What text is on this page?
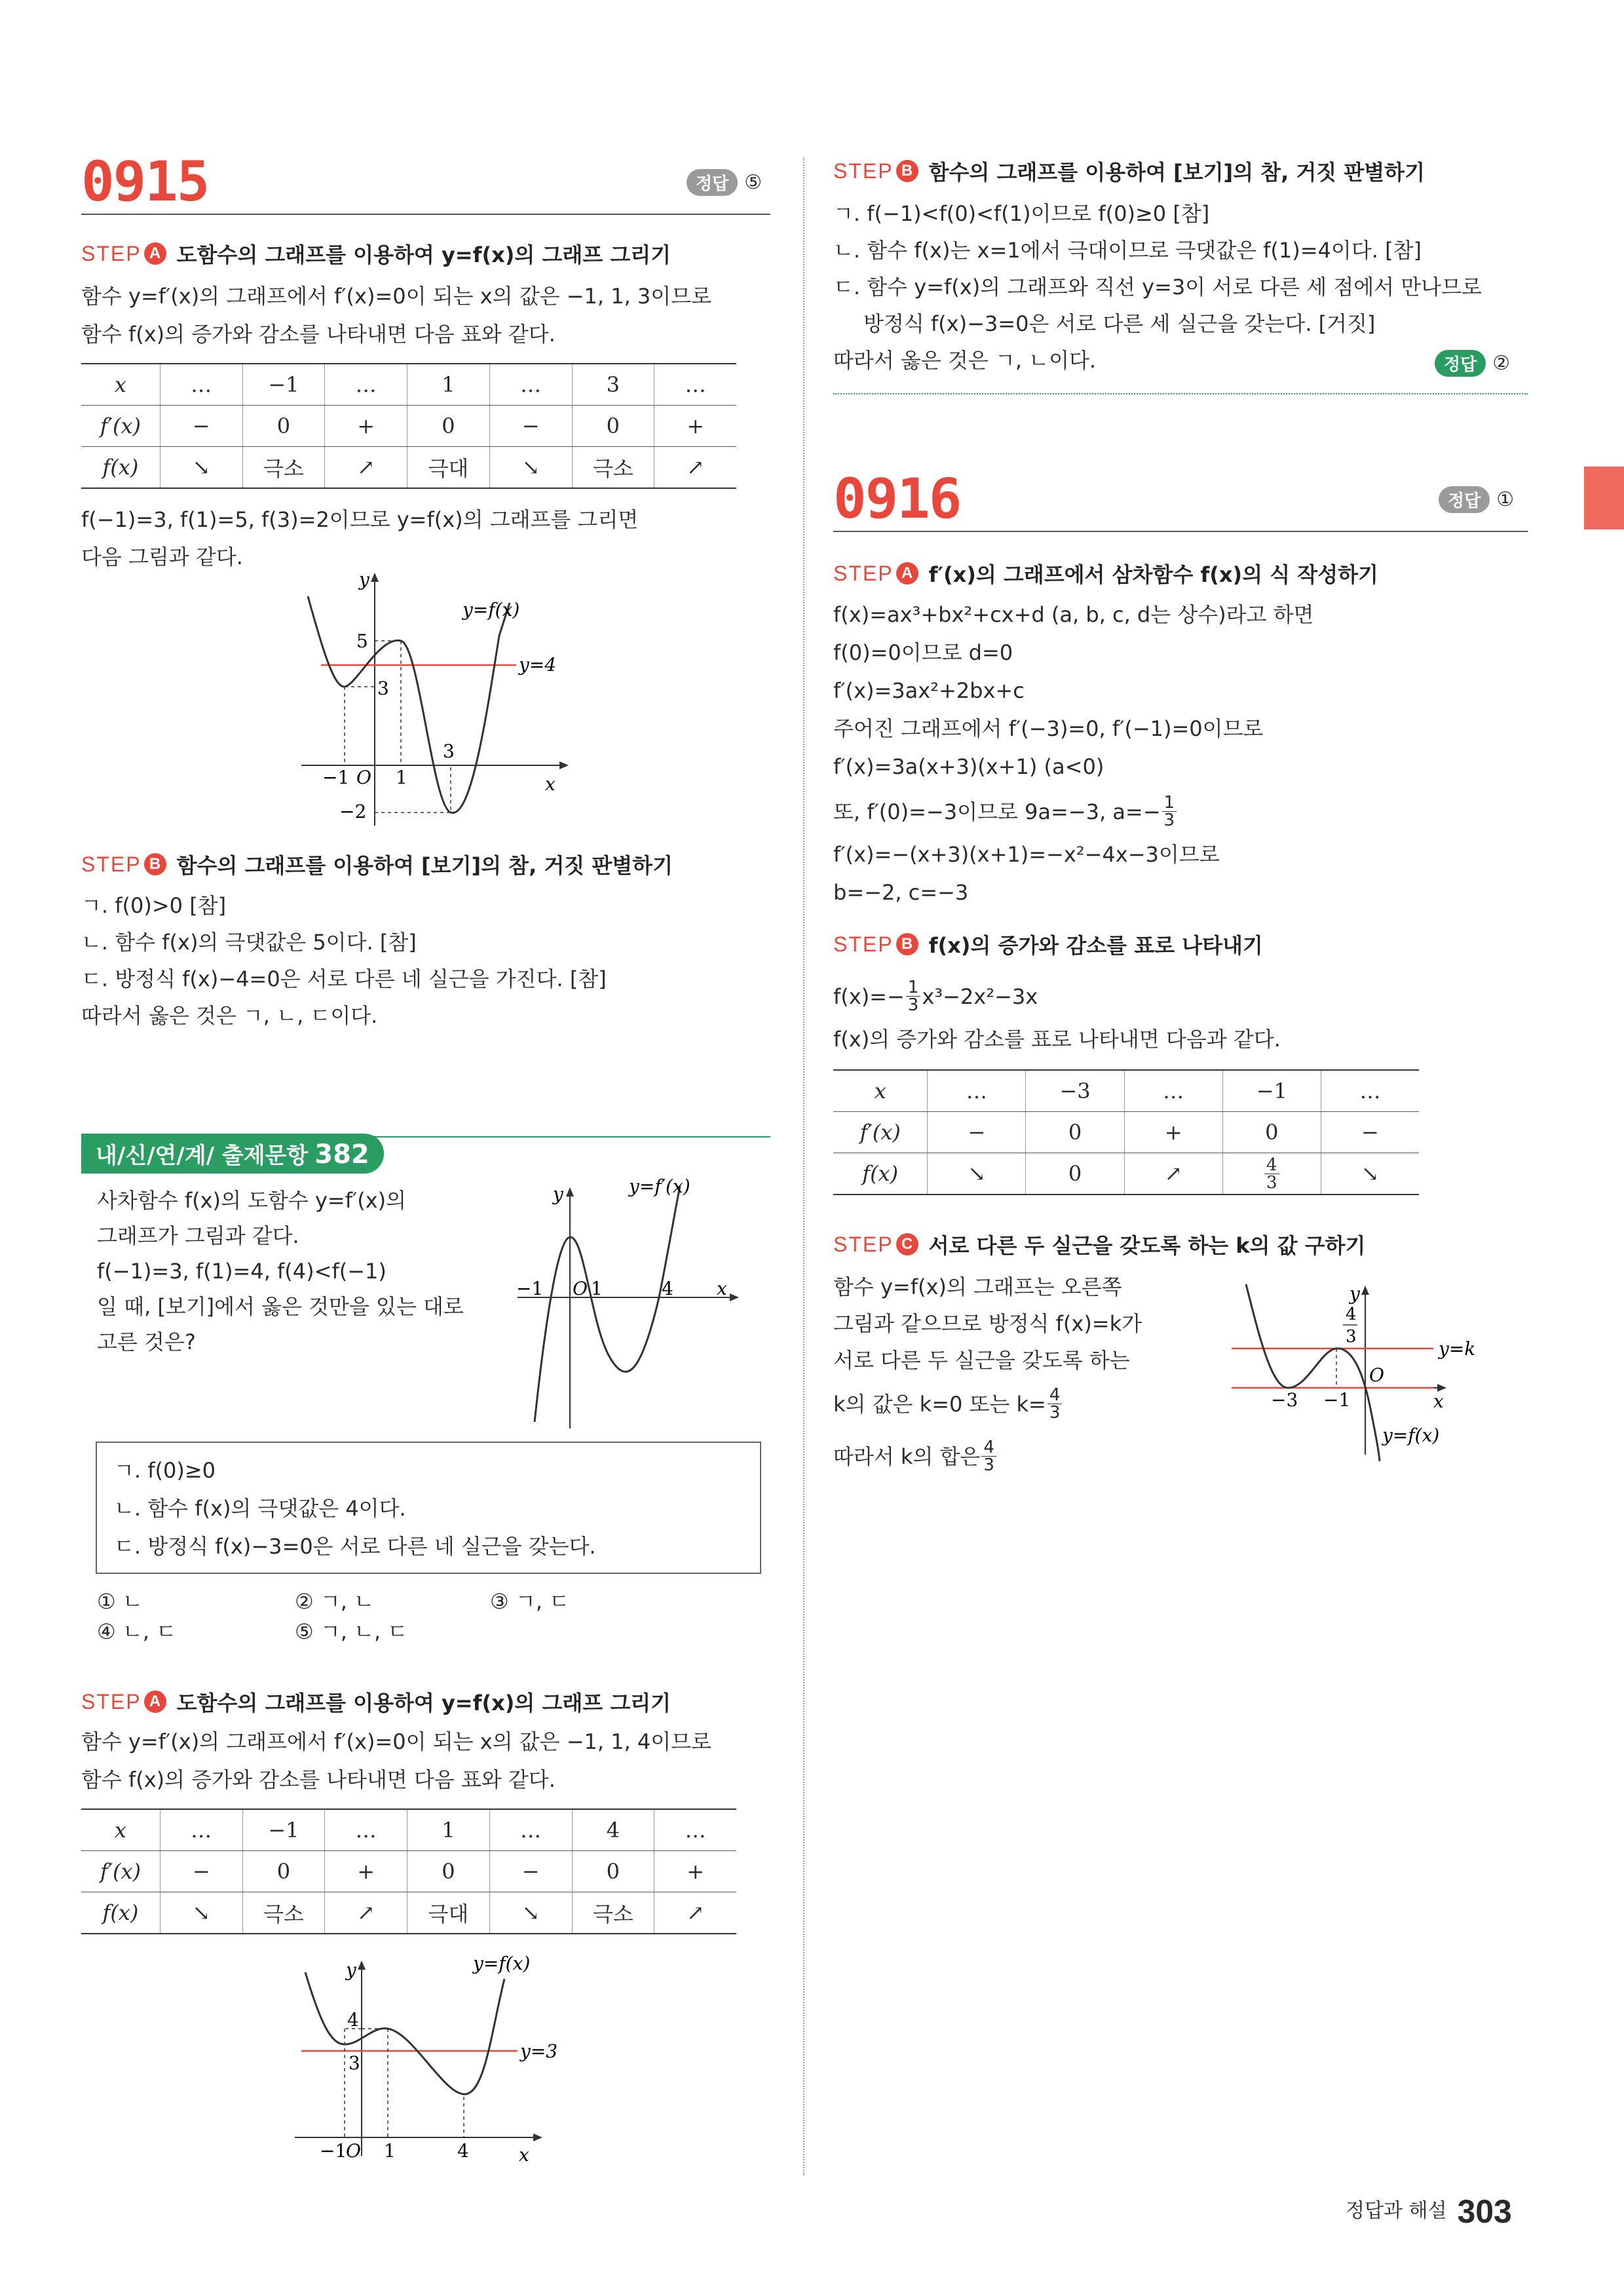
0915	정답 ⑤
STEP A 도함수의 그래프를 이용하여 y=f(x)의 그래프 그리기
함수 y=f′(x)의 그래프에서 f′(x)=0이 되는 x의 값은 −1, 1, 3이므로
함수 f(x)의 증가와 감소를 나타내면 다음 표와 같다.
x	…	−1	…	1	…	3	…
f′(x)	−	0	+	0	−	0	+
f(x)	↘	극소	↗	극대	↘	극소	↗
f(−1)=3, f(1)=5, f(3)=2이므로 y=f(x)의 그래프를 그리면
다음 그림과 같다.
y
x
y=f(x)
y=4
5
3
−2
−1 O 1
3
STEP B 함수의 그래프를 이용하여 [보기]의 참, 거짓 판별하기
ㄱ. f(0)>0 [참]
ㄴ. 함수 f(x)의 극댓값은 5이다. [참]
ㄷ. 방정식 f(x)−4=0은 서로 다른 네 실근을 가진다. [참]
따라서 옳은 것은 ㄱ, ㄴ, ㄷ이다.
내/신/연/계/ 출제문항 382
사차함수 f(x)의 도함수 y=f′(x)의
그래프가 그림과 같다.
f(−1)=3, f(1)=4, f(4)<f(−1)
일 때, [보기]에서 옳은 것만을 있는 대로
고른 것은?
y
x
y=f′(x)
−1 O 1	4
ㄱ. f(0)≥0
ㄴ. 함수 f(x)의 극댓값은 4이다.
ㄷ. 방정식 f(x)−3=0은 서로 다른 네 실근을 갖는다.
① ㄴ	② ㄱ, ㄴ	③ ㄱ, ㄷ
④ ㄴ, ㄷ	⑤ ㄱ, ㄴ, ㄷ
STEP A 도함수의 그래프를 이용하여 y=f(x)의 그래프 그리기
함수 y=f′(x)의 그래프에서 f′(x)=0이 되는 x의 값은 −1, 1, 4이므로
함수 f(x)의 증가와 감소를 나타내면 다음 표와 같다.
x	…	−1	…	1	…	4	…
f′(x)	−	0	+	0	−	0	+
f(x)	↘	극소	↗	극대	↘	극소	↗
y
x
y=f(x)
y=3
4
3
−1
O 1	4
STEP B 함수의 그래프를 이용하여 [보기]의 참, 거짓 판별하기
ㄱ. f(−1)<f(0)<f(1)이므로 f(0)≥0 [참]
ㄴ. 함수 f(x)는 x=1에서 극대이므로 극댓값은 f(1)=4이다. [참]
ㄷ. 함수 y=f(x)의 그래프와 직선 y=3이 서로 다른 세 점에서 만나므로
방정식 f(x)−3=0은 서로 다른 세 실근을 갖는다. [거짓]
따라서 옳은 것은 ㄱ, ㄴ이다.	정답 ②
0916	정답 ①
STEP A f′(x)의 그래프에서 삼차함수 f(x)의 식 작성하기
f(x)=ax³+bx²+cx+d (a, b, c, d는 상수)라고 하면
f(0)=0이므로 d=0
f′(x)=3ax²+2bx+c
주어진 그래프에서 f′(−3)=0, f′(−1)=0이므로
f′(x)=3a(x+3)(x+1) (a<0)
또, f′(0)=−3이므로 9a=−3, $a=- \frac{1}{3}$
f′(x)=−(x+3)(x+1)=−x²−4x−3이므로
b=−2, c=−3
STEP B f(x)의 증가와 감소를 표로 나타내기
$f(x)=- \frac{1}{3} x^3-2x^2-3x$
f(x)의 증가와 감소를 표로 나타내면 다음과 같다.
x	…	−3	…	−1	…
f′(x)	−	0	+	0	−
f(x)	↘	0	↗	$\frac{4}{3}$	↘
STEP C 서로 다른 두 실근을 갖도록 하는 k의 값 구하기
함수 y=f(x)의 그래프는 오른쪽
그림과 같으므로 방정식 f(x)=k가
서로 다른 두 실근을 갖도록 하는
k의 값은 k=0 또는 $k= \frac{4}{3}$
따라서 k의 합은 $\frac{4}{3}$
y
x
y=k
y=f(x)
O
−3 −1
4
3
정답과 해설 303
